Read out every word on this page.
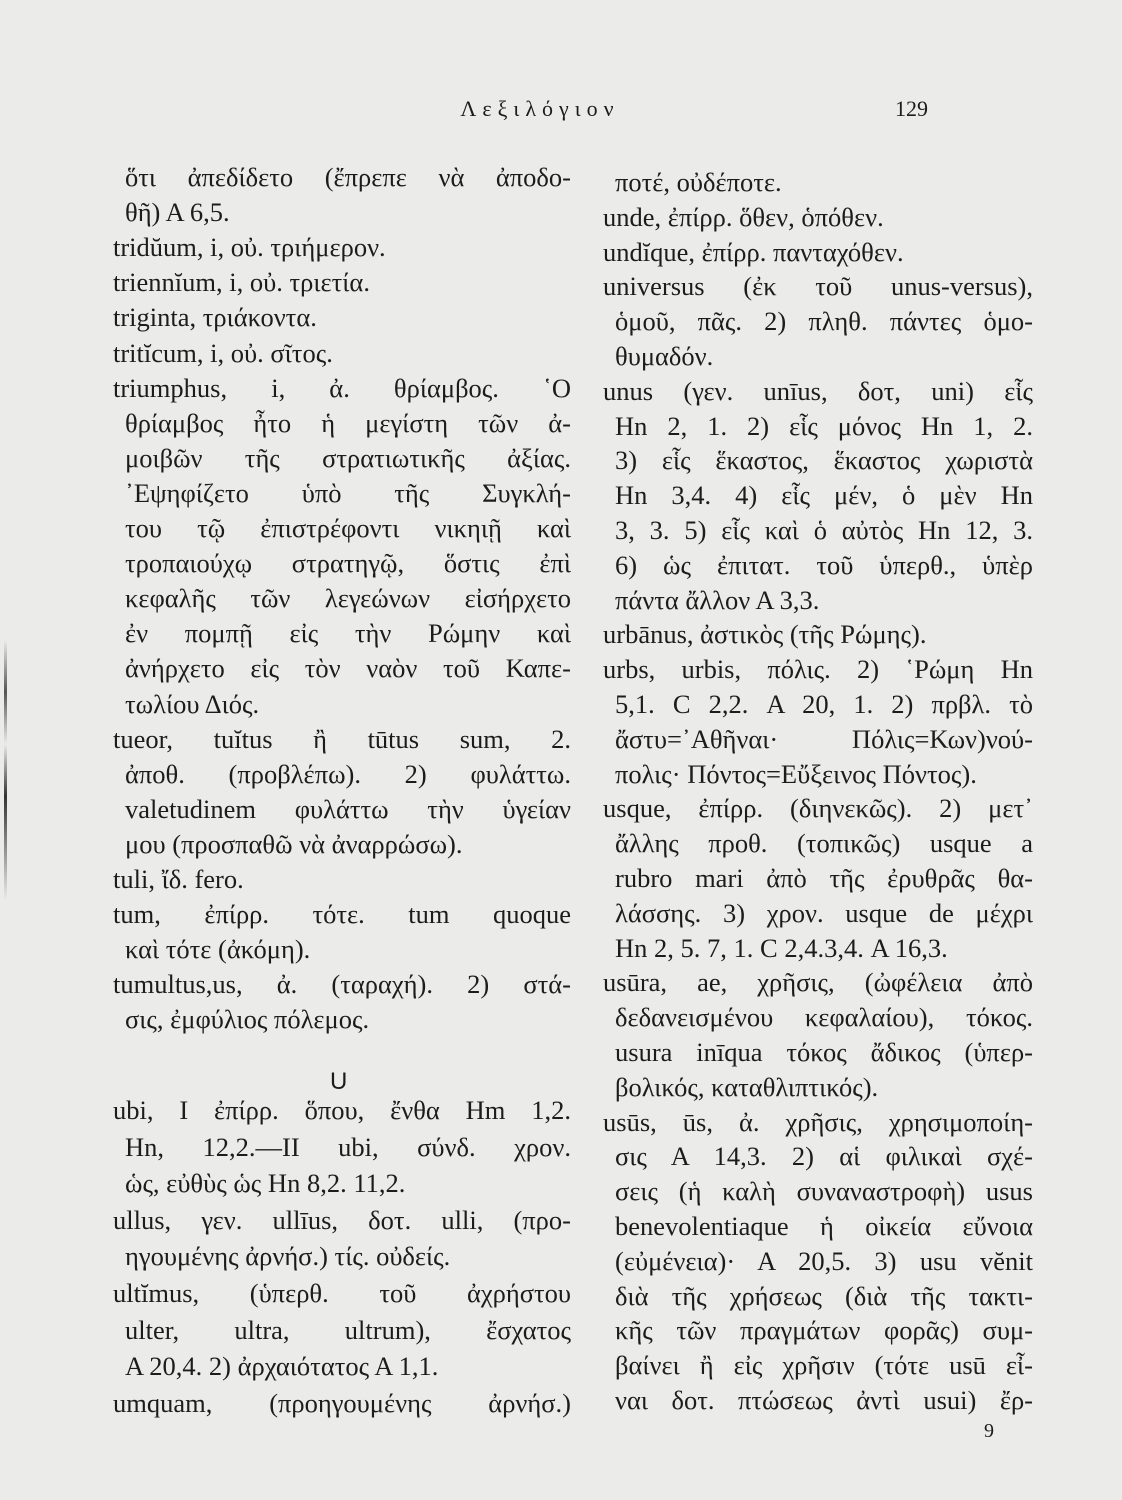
Λεξιλόγιον	129
ὅτι ἀπεδίδετο (ἔπρεπε νὰ ἀποδο-
θῆ) Α 6,5.
tridŭum, i, οὐ. τριήμερον.
triennĭum, i, οὐ. τριετία.
triginta, τριάκοντα.
tritĭcum, i, οὐ. σῖτος.
triumphus, i, ἀ. θρίαμβος. ῾Ο
θρίαμβος ἦτο ἡ μεγίστη τῶν ἀ-
μοιβῶν τῆς στρατιωτικῆς ἀξίας.
᾿Εψηφίζετο ὑπὸ τῆς Συγκλή-
του τῷ ἐπιστρέφοντι νικηιῇ καὶ
τροπαιούχῳ στρατηγῷ, ὅστις ἐπὶ
κεφαλῆς τῶν λεγεώνων εἰσήρχετο
ἐν πομπῇ εἰς τὴν Ρώμην καὶ
ἀνήρχετο εἰς τὸν ναὸν τοῦ Καπε-
τωλίου Διός.
tueor, tuĭtus ἢ tūtus sum, 2.
ἀποθ. (προβλέπω). 2) φυλάττω.
valetudinem φυλάττω τὴν ὑγείαν
μου (προσπαθῶ νὰ ἀναρρώσω).
tuli, ἴδ. fero.
tum, ἐπίρρ. τότε. tum quoque
καὶ τότε (ἀκόμη).
tumultus,us, ἀ. (ταραχή). 2) στά-
σις, ἐμφύλιος πόλεμος.
ubi, I ἐπίρρ. ὅπου, ἔνθα Hm 1,2.
Hn, 12,2.—II ubi, σύνδ. χρον.
ὡς, εὐθὺς ὡς Hn 8,2. 11,2.
ullus, γεν. ullīus, δοτ. ulli, (προ-
ηγουμένης ἀρνήσ.) τίς. οὐδείς.
ultĭmus, (ὑπερθ. τοῦ ἀχρήστου
ulter, ultra, ultrum), ἔσχατος
Α 20,4. 2) ἀρχαιότατος Α 1,1.
umquam, (προηγουμένης ἀρνήσ.)
U
ποτέ, οὐδέποτε.
unde, ἐπίρρ. ὅθεν, ὁπόθεν.
undĭque, ἐπίρρ. πανταχόθεν.
universus (ἐκ τοῦ unus-versus),
ὁμοῦ, πᾶς. 2) πληθ. πάντες ὁμο-
θυμαδόν.
unus (γεν. unīus, δοτ, uni) εἷς
Hn 2, 1. 2) εἷς μόνος Hn 1, 2.
3) εἷς ἕκαστος, ἕκαστος χωριστὰ
Hn 3,4. 4) εἷς μέν, ὁ μὲν Hn
3, 3. 5) εἷς καὶ ὁ αὐτὸς Hn 12, 3.
6) ὡς ἐπιτατ. τοῦ ὑπερθ., ὑπὲρ
πάντα ἄλλον Α 3,3.
urbānus, ἀστικὸς (τῆς Ρώμης).
urbs, urbis, πόλις. 2) ῾Ρώμη Hn
5,1. C 2,2. Α 20, 1. 2) πρβλ. τὸ
ἄστυ=᾿Αθῆναι· Πόλις=Κων)νού-
πολις· Πόντος=Εὔξεινος Πόντος).
usque, ἐπίρρ. (διηνεκῶς). 2) μετ᾿
ἄλλης προθ. (τοπικῶς) usque a
rubro mari ἀπὸ τῆς ἐρυθρᾶς θα-
λάσσης. 3) χρον. usque de μέχρι
Hn 2, 5. 7, 1. C 2,4.3,4. Α 16,3.
usūra, ae, χρῆσις, (ὠφέλεια ἀπὸ
δεδανεισμένου κεφαλαίου), τόκος.
usura inīqua τόκος ἄδικος (ὑπερ-
βολικός, καταθλιπτικός).
usūs, ūs, ἀ. χρῆσις, χρησιμοποίη-
σις Α 14,3. 2) αἱ φιλικαὶ σχέ-
σεις (ἡ καλὴ συναναστροφὴ) usus
benevolentiaque ἡ οἰκεία εὔνοια
(εὐμένεια)· Α 20,5. 3) usu vĕnit
διὰ τῆς χρήσεως (διὰ τῆς τακτι-
κῆς τῶν πραγμάτων φορᾶς) συμ-
βαίνει ἢ εἰς χρῆσιν (τότε usū εἶ-
ναι δοτ. πτώσεως ἀντὶ usui) ἔρ-
9
